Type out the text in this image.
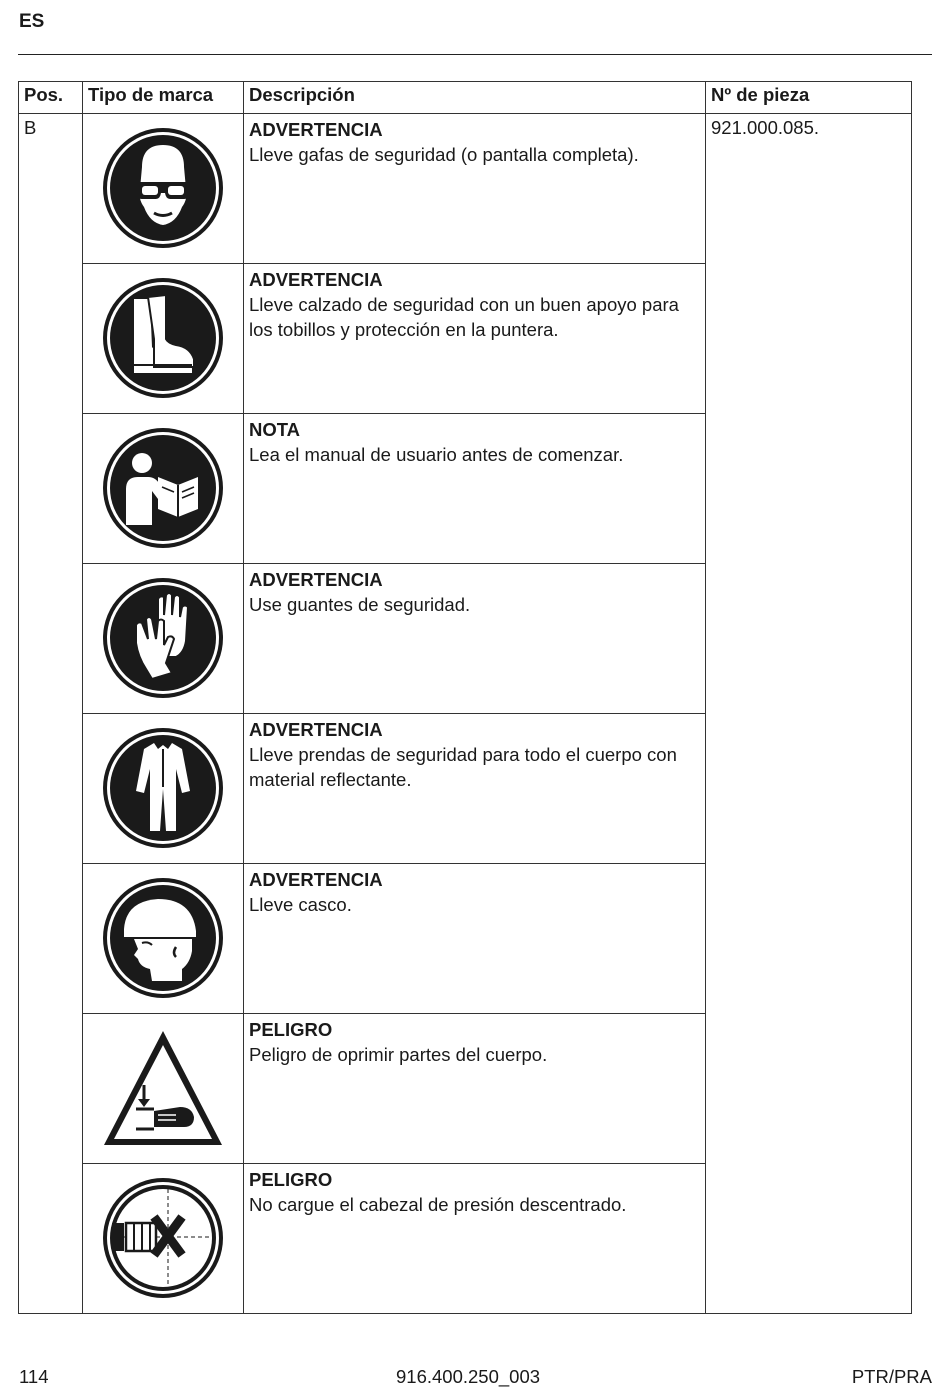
ES
Pos.	Tipo de marca	Descripción	Nº de pieza
B		ADVERTENCIA
Lleve gafas de seguridad (o pantalla completa).	921.000.085.

ADVERTENCIA
Lleve calzado de seguridad con un buen apoyo para los tobillos y protección en la puntera.	

NOTA
Lea el manual de usuario antes de comenzar.	

ADVERTENCIA
Use guantes de seguridad.	

ADVERTENCIA
Lleve prendas de seguridad para todo el cuerpo con material reflectante.	

ADVERTENCIA
Lleve casco.	

PELIGRO
Peligro de oprimir partes del cuerpo.	

PELIGRO
No cargue el cabezal de presión descentrado.	
114	916.400.250_003	PTR/PRA
